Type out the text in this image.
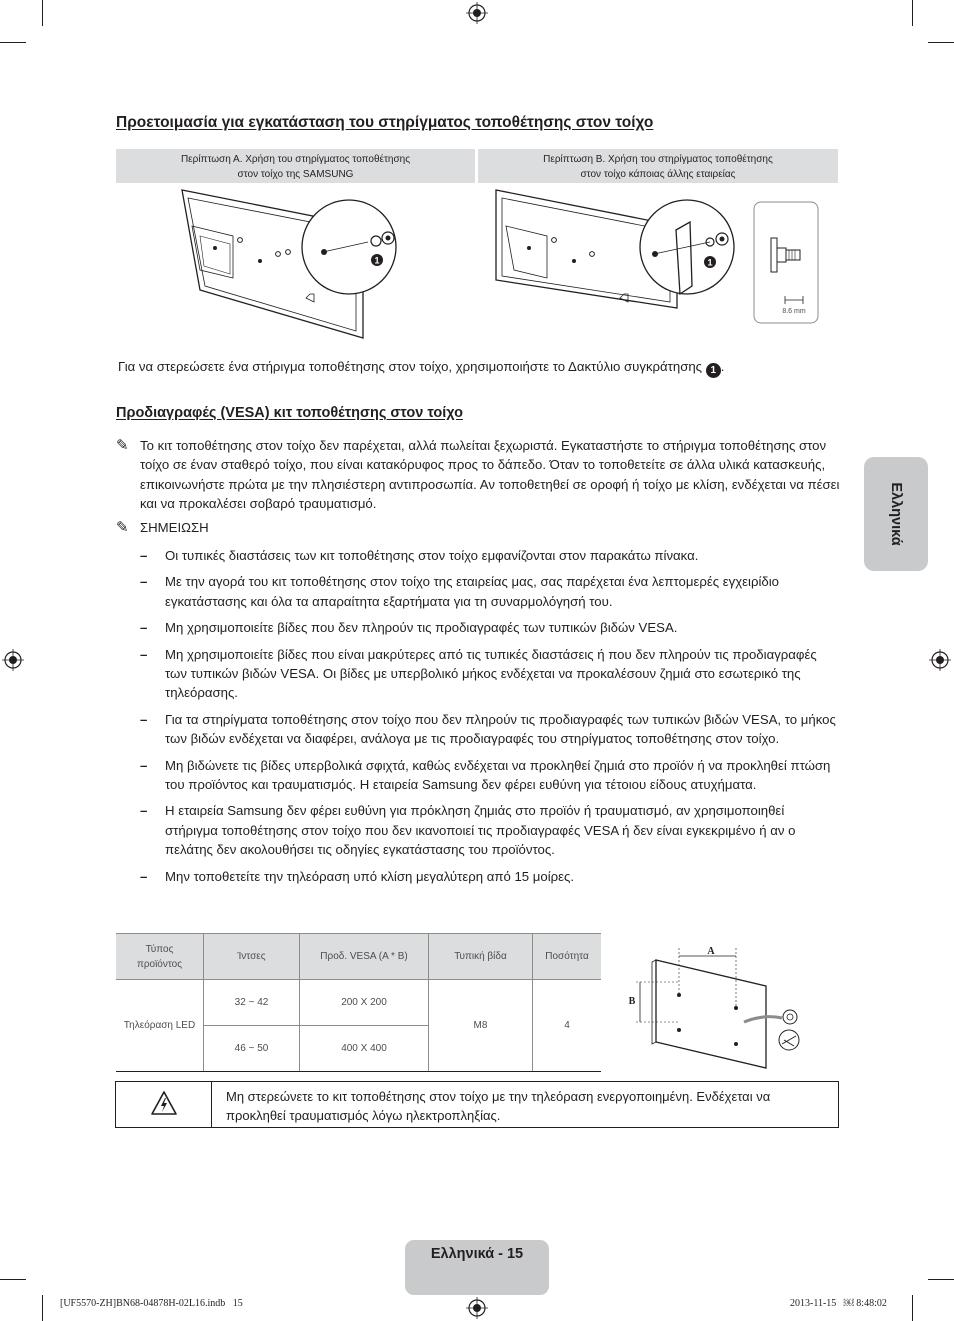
Προετοιμασία για εγκατάσταση του στηρίγματος τοποθέτησης στον τοίχο
Περίπτωση Α. Χρήση του στηρίγματος τοποθέτησης
στον τοίχο της SAMSUNG
Περίπτωση Β. Χρήση του στηρίγματος τοποθέτησης
στον τοίχο κάποιας άλλης εταιρείας
1	1
8.6 mm
Για να στερεώσετε ένα στήριγμα τοποθέτησης στον τοίχο, χρησιμοποιήστε το Δακτύλιο συγκράτησης 1 .
Προδιαγραφές (VESA) κιτ τοποθέτησης στον τοίχο
✎ Το κιτ τοποθέτησης στον τοίχο δεν παρέχεται, αλλά πωλείται ξεχωριστά. Εγκαταστήστε το στήριγμα τοποθέτησης στον τοίχο σε έναν σταθερό τοίχο, που είναι κατακόρυφος προς το δάπεδο. Όταν το τοποθετείτε σε άλλα υλικά κατασκευής, επικοινωνήστε πρώτα με την πλησιέστερη αντιπροσωπία. Αν τοποθετηθεί σε οροφή ή τοίχο με κλίση, ενδέχεται να πέσει και να προκαλέσει σοβαρό τραυματισμό.
✎ ΣΗΜΕΙΩΣΗ
– Οι τυπικές διαστάσεις των κιτ τοποθέτησης στον τοίχο εμφανίζονται στον παρακάτω πίνακα.
– Με την αγορά του κιτ τοποθέτησης στον τοίχο της εταιρείας μας, σας παρέχεται ένα λεπτομερές εγχειρίδιο εγκατάστασης και όλα τα απαραίτητα εξαρτήματα για τη συναρμολόγησή του.
– Μη χρησιμοποιείτε βίδες που δεν πληρούν τις προδιαγραφές των τυπικών βιδών VESA.
– Μη χρησιμοποιείτε βίδες που είναι μακρύτερες από τις τυπικές διαστάσεις ή που δεν πληρούν τις προδιαγραφές των τυπικών βιδών VESA. Οι βίδες με υπερβολικό μήκος ενδέχεται να προκαλέσουν ζημιά στο εσωτερικό της τηλεόρασης.
– Για τα στηρίγματα τοποθέτησης στον τοίχο που δεν πληρούν τις προδιαγραφές των τυπικών βιδών VESA, το μήκος των βιδών ενδέχεται να διαφέρει, ανάλογα με τις προδιαγραφές του στηρίγματος τοποθέτησης στον τοίχο.
– Μη βιδώνετε τις βίδες υπερβολικά σφιχτά, καθώς ενδέχεται να προκληθεί ζημιά στο προϊόν ή να προκληθεί πτώση του προϊόντος και τραυματισμός. Η εταιρεία Samsung δεν φέρει ευθύνη για τέτοιου είδους ατυχήματα.
– Η εταιρεία Samsung δεν φέρει ευθύνη για πρόκληση ζημιάς στο προϊόν ή τραυματισμό, αν χρησιμοποιηθεί στήριγμα τοποθέτησης στον τοίχο που δεν ικανοποιεί τις προδιαγραφές VESA ή δεν είναι εγκεκριμένο ή αν ο πελάτης δεν ακολουθήσει τις οδηγίες εγκατάστασης του προϊόντος.
– Μην τοποθετείτε την τηλεόραση υπό κλίση μεγαλύτερη από 15 μοίρες.
Τύπος
προϊόντος	Ίντσες	Προδ. VESA (A * B)	Τυπική βίδα	Ποσότητα
Τηλεόραση LED	32 ~ 42	200 X 200	M8	4
	46 ~ 50	400 X 400		
A
B
Μη στερεώνετε το κιτ τοποθέτησης στον τοίχο με την τηλεόραση ενεργοποιημένη. Ενδέχεται να προκληθεί τραυματισμός λόγω ηλεκτροπληξίας.
Ελληνικά
Ελληνικά - 15
[UF5570-ZH]BN68-04878H-02L16.indb   15	2013-11-15   ￼ 8:48:02
